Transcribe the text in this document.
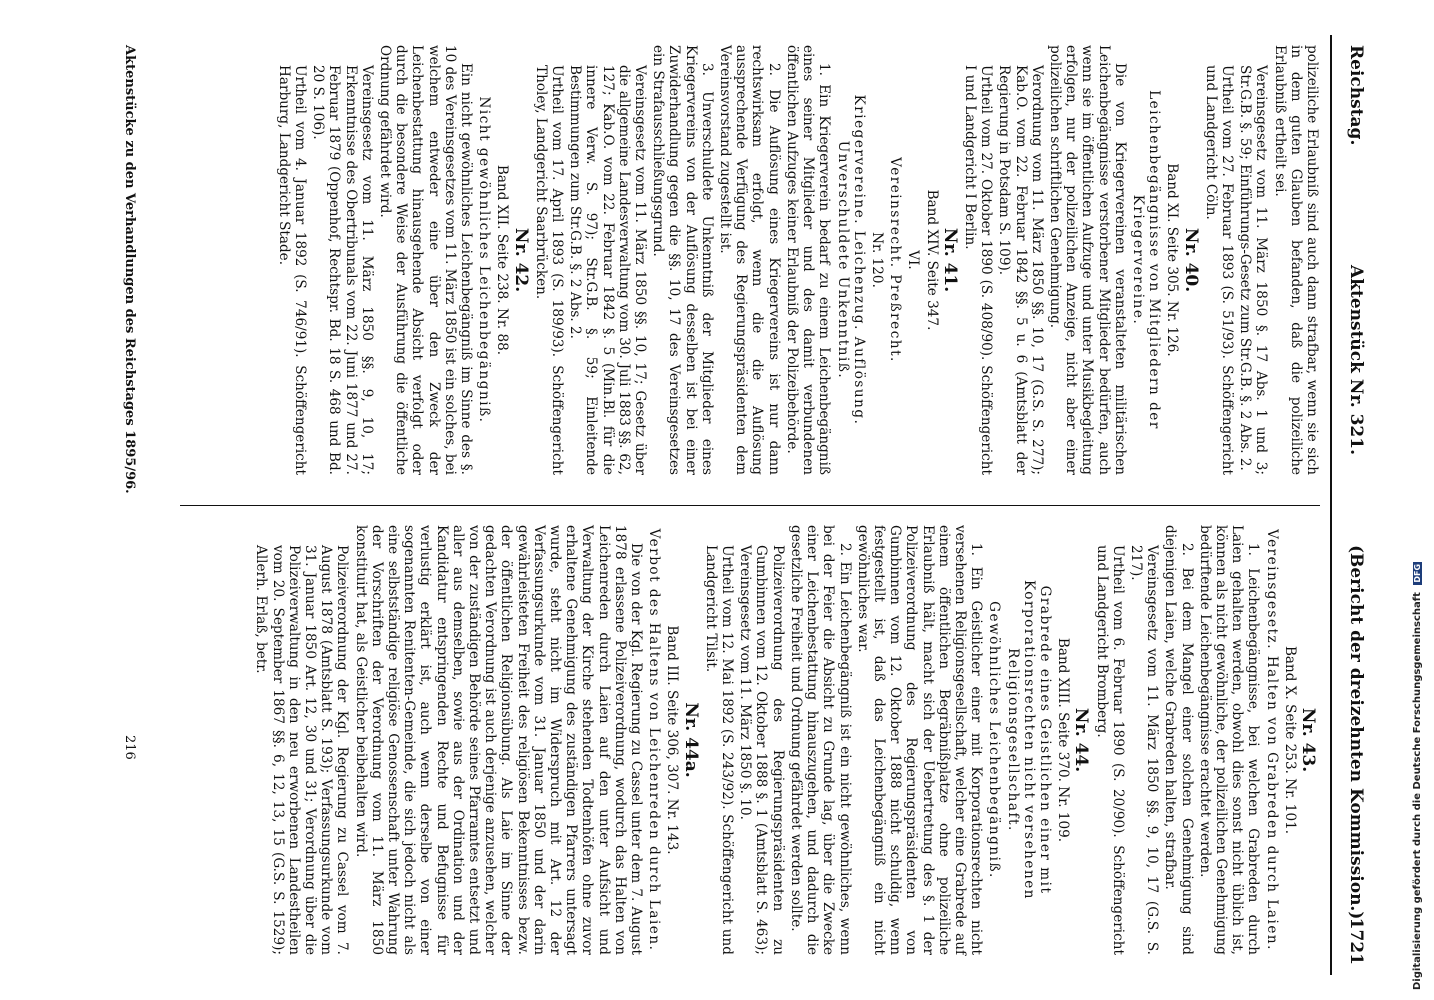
Reichstag.
Aktenstück Nr. 321.
(Bericht der dreizehnten Kommission.)
1721

polizeiliche Erlaubniß sind auch dann strafbar, wenn sie sich in dem guten Glauben befanden, daß die polizeiliche Erlaubniß ertheilt sei.

Vereinsgesetz vom 11. März 1850 §. 17 Abs. 1 und 3; Str.G.B. §. 59; Einführungs-Gesetz zum Str.G.B. §. 2 Abs. 2.

Urtheil vom 27. Februar 1893 (S. 51/93). Schöffengericht und Landgericht Cöln.

Nr. 40.

Band XI. Seite 305. Nr. 126.

Leichenbegängnisse von Mitgliedern der Kriegervereine.

Die von Kriegervereinen veranstalteten militärischen Leichenbegängnisse verstorbener Mitglieder bedürfen, auch wenn sie im öffentlichen Aufzuge und unter Musikbegleitung erfolgen, nur der polizeilichen Anzeige, nicht aber einer polizeilichen schriftlichen Genehmigung.

Verordnung vom 11. März 1850 §§. 10, 17 (G.S. S. 277); Kab.O. vom 22. Februar 1842 §§. 5 u. 6 (Amtsblatt der Regierung in Potsdam S. 109).

Urtheil vom 27. Oktober 1890 (S. 408/90). Schöffengericht I und Landgericht I Berlin.

Nr. 41.

Band XIV. Seite 347.

VI.

Vereinsrecht. Preßrecht.

Nr. 120.

Kriegervereine. Leichenzug. Auflösung. Unverschuldete Unkenntniß.

1. Ein Kriegerverein bedarf zu einem Leichenbegängniß eines seiner Mitglieder und des damit verbundenen öffentlichen Aufzuges keiner Erlaubniß der Polizeibehörde.

2. Die Auflösung eines Kriegervereins ist nur dann rechtswirksam erfolgt, wenn die die Auflösung aussprechende Verfügung des Regierungspräsidenten dem Vereinsvorstand zugestellt ist.

3. Unverschuldete Unkenntniß der Mitglieder eines Kriegervereins von der Auflösung desselben ist bei einer Zuwiderhandlung gegen die §§. 10, 17 des Vereinsgesetzes ein Strafausschließungsgrund.

Vereinsgesetz vom 11. März 1850 §§. 10, 17; Gesetz über die allgemeine Landesverwaltung vom 30. Juli 1883 §§. 62, 127; Kab.O. vom 22. Februar 1842 §. 5 (Min.Bl. für die innere Verw. S. 97); Str.G.B. §. 59; Einleitende Bestimmungen zum Str.G.B. §. 2 Abs. 2.

Urtheil vom 17. April 1893 (S. 189/93). Schöffengericht Tholey, Landgericht Saarbrücken.

Nr. 42.

Band XII. Seite 238. Nr. 88.

Nicht gewöhnliches Leichenbegängniß.

Ein nicht gewöhnliches Leichenbegängniß im Sinne des §. 10 des Vereinsgesetzes vom 11. März 1850 ist ein solches, bei welchem entweder eine über den Zweck der Leichenbestattung hinausgehende Absicht verfolgt oder durch die besondere Weise der Ausführung die öffentliche Ordnung gefährdet wird.

Vereinsgesetz vom 11. März 1850 §§. 9, 10, 17; Erkenntnisse des Obertribunals vom 22. Juni 1877 und 27. Februar 1879 (Oppenhof, Rechtspr. Bd. 18 S. 468 und Bd. 20 S. 106).

Urtheil vom 4. Januar 1892 (S. 746/91). Schöffengericht Harburg, Landgericht Stade.

Nr. 43.

Band X. Seite 253. Nr. 101.

Vereinsgesetz. Halten von Grabreden durch Laien.

1. Leichenbegängnisse, bei welchen Grabreden durch Laien gehalten werden, obwohl dies sonst nicht üblich ist, können als nicht gewöhnliche, der polizeilichen Genehmigung bedürftende Leichenbegängnisse erachtet werden.

2. Bei dem Mangel einer solchen Genehmigung sind diejenigen Laien, welche Grabreden halten, strafbar.

Vereinsgesetz vom 11. März 1850 §§. 9, 10, 17 (G.S. S. 217).

Urtheil vom 6. Februar 1890 (S. 20/90). Schöffengericht und Landgericht Bromberg.

Nr. 44.

Band XIII. Seite 370. Nr. 109.

Grabrede eines Geistlichen einer mit Korporationsrechten nicht versehenen Religionsgesellschaft.

Gewöhnliches Leichenbegängniß.

1. Ein Geistlicher einer mit Korporationsrechten nicht versehenen Religionsgesellschaft, welcher eine Grabrede auf einem öffentlichen Begräbnißplatze ohne polizeiliche Erlaubniß hält, macht sich der Uebertretung des §. 1 der Polizeiverordnung des Regierungspräsidenten von Gumbinnen vom 12. Oktober 1888 nicht schuldig, wenn festgestellt ist, daß das Leichenbegängniß ein nicht gewöhnliches war.

2. Ein Leichenbegängniß ist ein nicht gewöhnliches, wenn bei der Feier die Absicht zu Grunde lag, über die Zwecke einer Leichenbestattung hinauszugehen, und dadurch die gesetzliche Freiheit und Ordnung gefährdet werden sollte.

Polizeiverordnung des Regierungspräsidenten zu Gumbinnen vom 12. Oktober 1888 §. 1 (Amtsblatt S. 463); Vereinsgesetz vom 11. März 1850 §. 10.

Urtheil vom 12. Mai 1892 (S. 243/92). Schöffengericht und Landgericht Tilsit.

Nr. 44a.

Band III. Seite 306, 307. Nr. 143.

Verbot des Haltens von Leichenreden durch Laien.

Die von der Kgl. Regierung zu Cassel unter dem 7. August 1878 erlassene Polizeiverordnung, wodurch das Halten von Leichenreden durch Laien auf den unter Aufsicht und Verwaltung der Kirche stehenden Todtenhöfen ohne zuvor erhaltene Genehmigung des zuständigen Pfarrers untersagt wurde, steht nicht im Widerspruch mit Art. 12 der Verfassungsurkunde vom 31. Januar 1850 und der darin gewährleisteten Freiheit des religiösen Bekenntnisses bezw. der öffentlichen Religionsübung. Als Laie im Sinne der gedachten Verordnung ist auch derjenige anzusehen, welcher von der zuständigen Behörde seines Pfarramtes entsetzt und aller aus demselben, sowie aus der Ordination und der Kandidatur entspringenden Rechte und Befugnisse für verlustig erklärt ist, auch wenn derselbe von einer sogenannten Renitenten-Gemeinde, die sich jedoch nicht als eine selbstständige religiöse Genossenschaft unter Wahrung der Vorschriften der Verordnung vom 11. März 1850 konstituirt hat, als Geistlicher beibehalten wird.

Polizeiverordnung der Kgl. Regierung zu Cassel vom 7. August 1878 (Amtsblatt S. 193); Verfassungsurkunde vom 31. Januar 1850 Art. 12, 30 und 31; Verordnung über die Polizeiverwaltung in den neu erworbenen Landestheilen vom 20. September 1867 §§. 6, 12, 13, 15 (G.S. S. 1529); Allerh. Erlaß, betr.

Aktenstücke zu den Verhandlungen des Reichstages 1895/96.
216	Digitalisierung gefördert durch die Deutsche Forschungsgemeinschaft DFG
